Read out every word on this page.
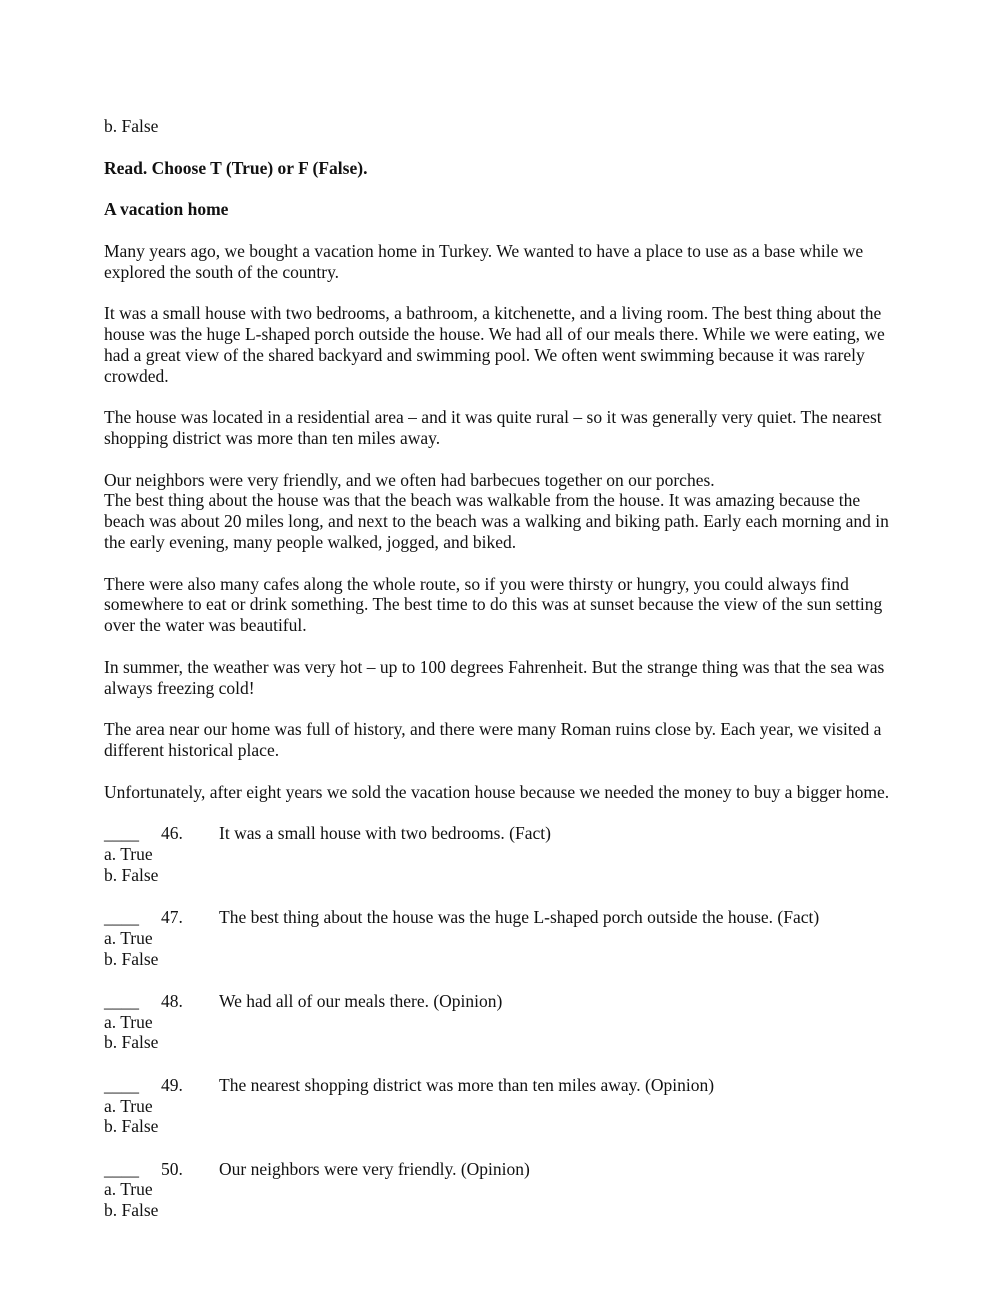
b. False

Read. Choose T (True) or F (False).

A vacation home

Many years ago, we bought a vacation home in Turkey. We wanted to have a place to use as a base while we explored the south of the country.

It was a small house with two bedrooms, a bathroom, a kitchenette, and a living room. The best thing about the house was the huge L-shaped porch outside the house. We had all of our meals there. While we were eating, we had a great view of the shared backyard and swimming pool. We often went swimming because it was rarely crowded.

The house was located in a residential area – and it was quite rural – so it was generally very quiet. The nearest shopping district was more than ten miles away.

Our neighbors were very friendly, and we often had barbecues together on our porches.

The best thing about the house was that the beach was walkable from the house. It was amazing because the beach was about 20 miles long, and next to the beach was a walking and biking path. Early each morning and in the early evening, many people walked, jogged, and biked.

There were also many cafes along the whole route, so if you were thirsty or hungry, you could always find somewhere to eat or drink something. The best time to do this was at sunset because the view of the sun setting over the water was beautiful.

In summer, the weather was very hot – up to 100 degrees Fahrenheit. But the strange thing was that the sea was always freezing cold!

The area near our home was full of history, and there were many Roman ruins close by. Each year, we visited a different historical place.

Unfortunately, after eight years we sold the vacation house because we needed the money to buy a bigger home.

____	46.	It was a small house with two bedrooms. (Fact)

a. True

b. False

____	47.	The best thing about the house was the huge L-shaped porch outside the house. (Fact)

a. True

b. False

____	48.	We had all of our meals there. (Opinion)

a. True

b. False

____	49.	The nearest shopping district was more than ten miles away. (Opinion)

a. True

b. False

____	50.	Our neighbors were very friendly. (Opinion)

a. True

b. False
